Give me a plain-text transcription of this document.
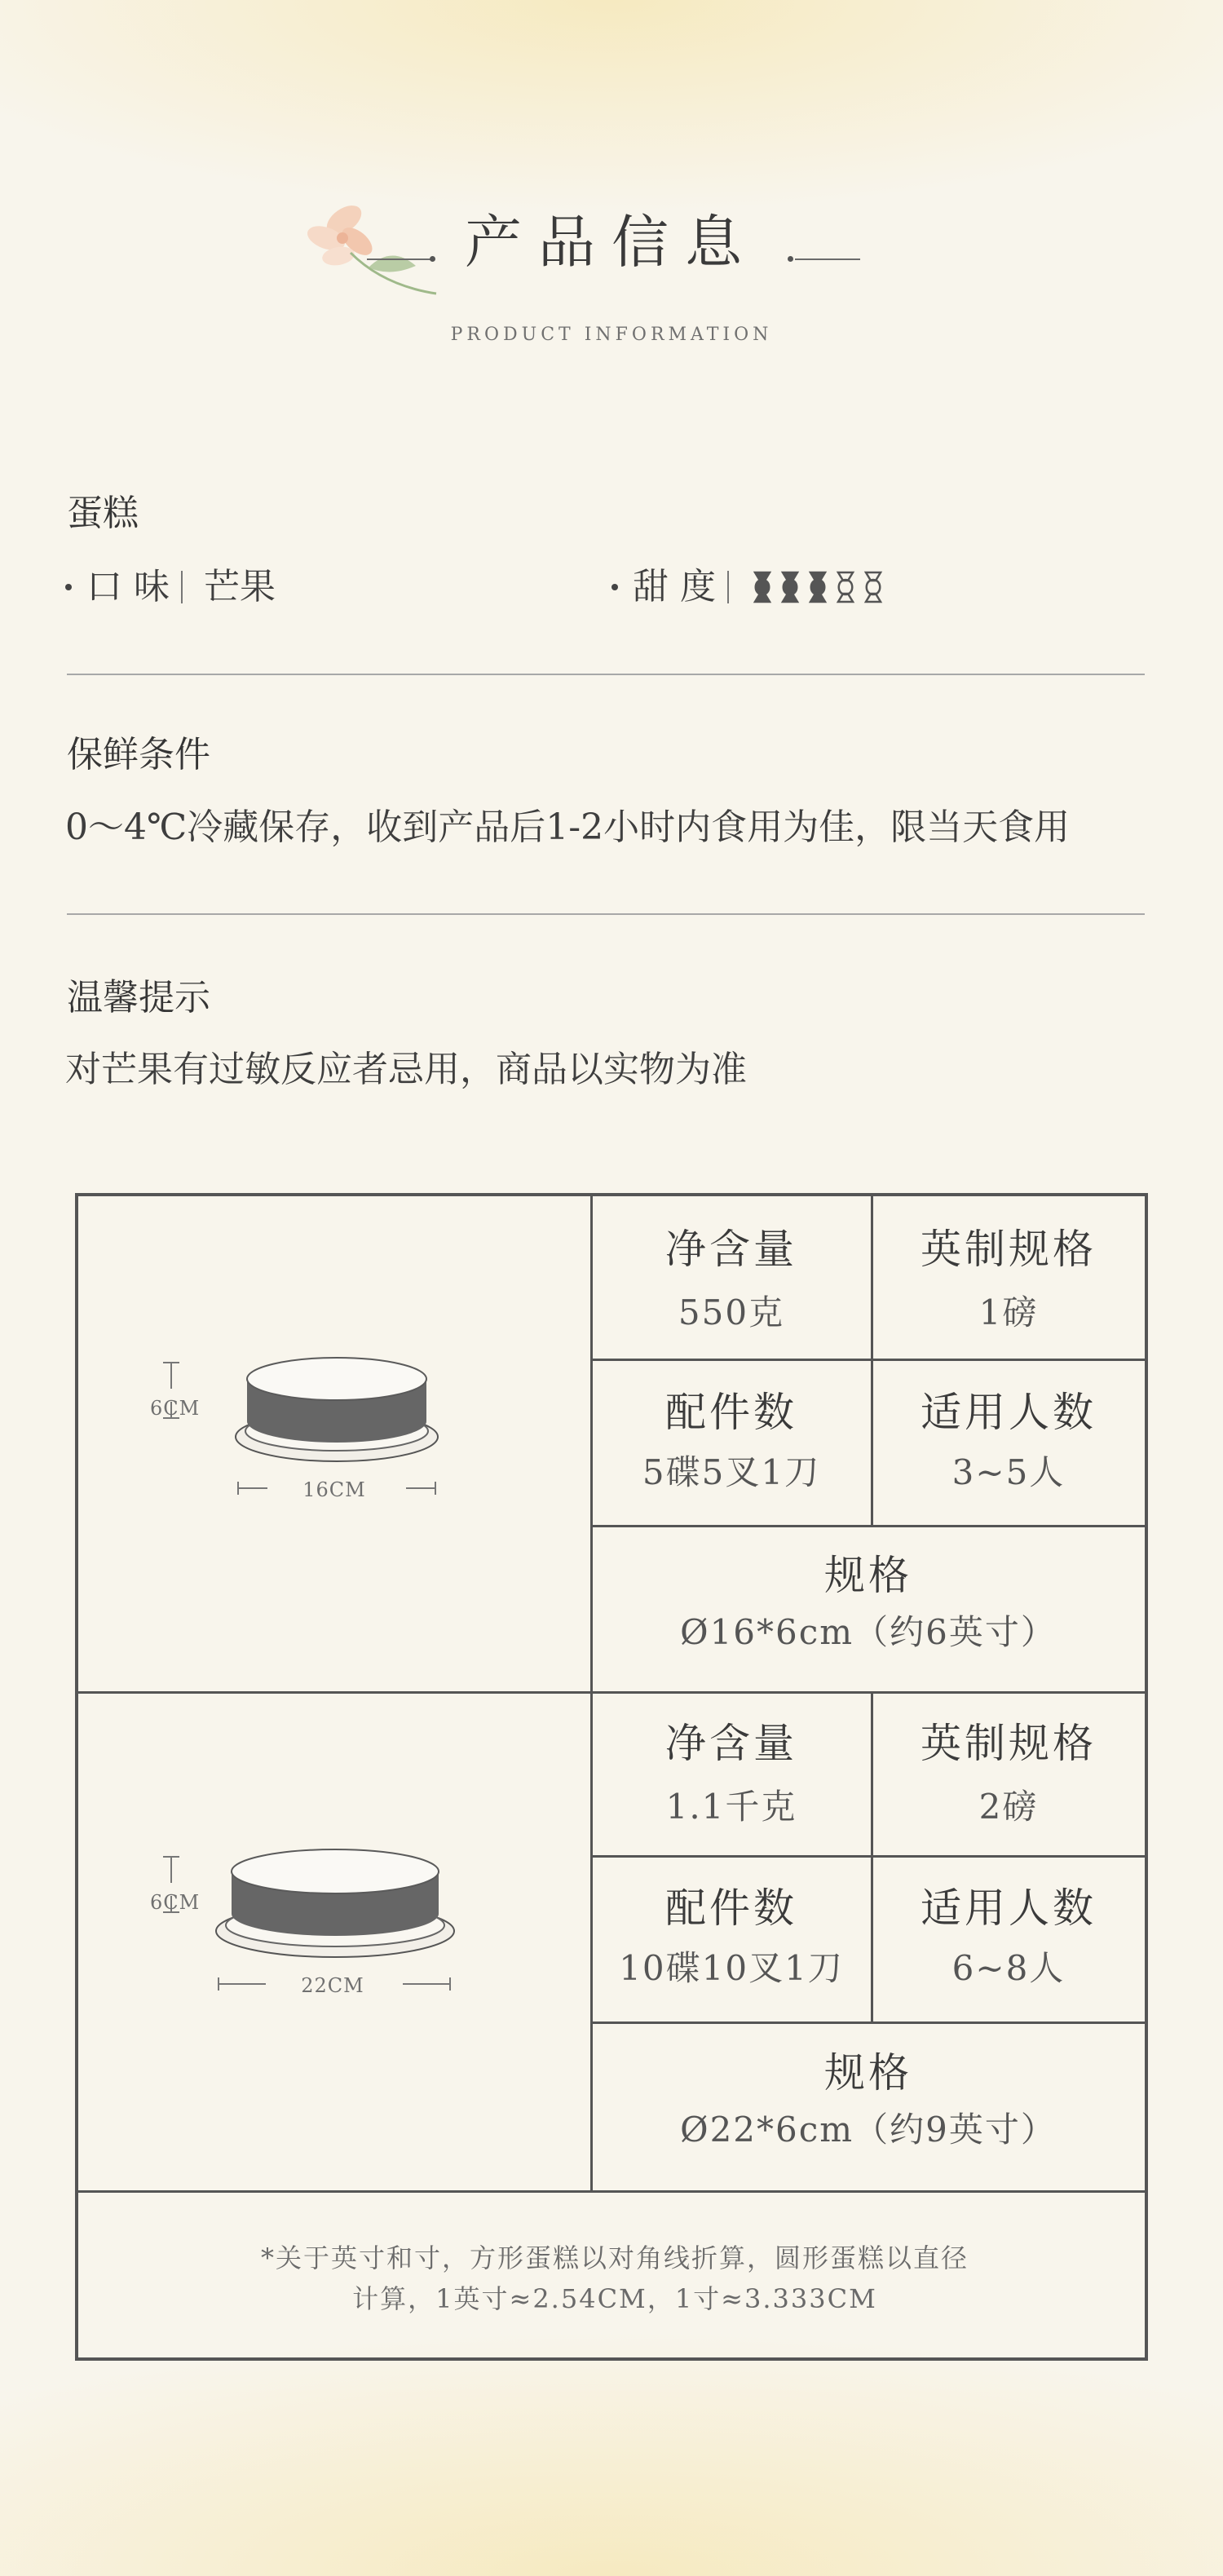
产品信息
PRODUCT INFORMATION
蛋糕
口 味 芒果	甜 度
保鲜条件
0～4℃冷藏保存，收到产品后1-2小时内食用为佳，限当天食用
温馨提示
对芒果有过敏反应者忌用，商品以实物为准
6CM
16CM
净含量
550克
英制规格
1磅
配件数
5碟5叉1刀
适用人数
3~5人
规格
Ø16*6cm（约6英寸）
6CM
22CM
净含量
1.1千克
英制规格
2磅
配件数
10碟10叉1刀
适用人数
6~8人
规格
Ø22*6cm（约9英寸）
*关于英寸和寸，方形蛋糕以对角线折算，圆形蛋糕以直径
计算，1英寸≈2.54CM，1寸≈3.333CM
